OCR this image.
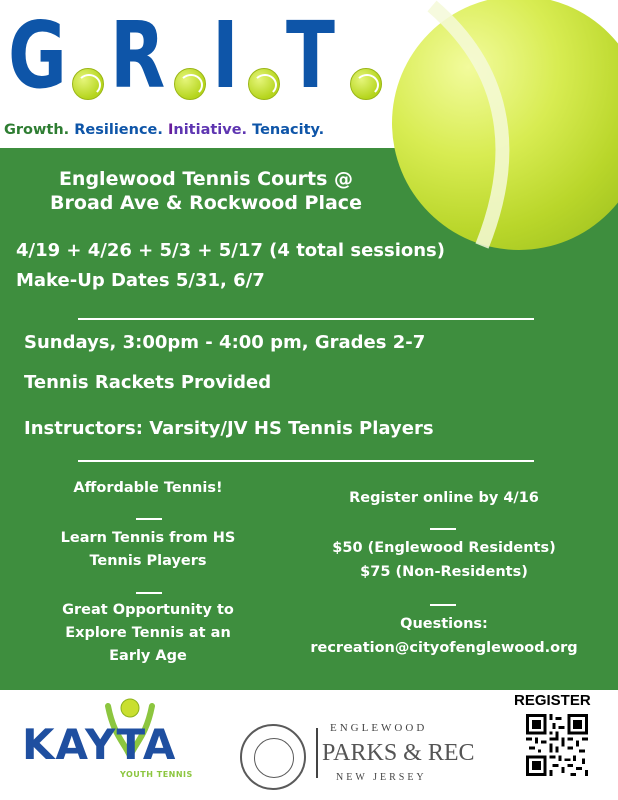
G R I T
Growth. Resilience. Initiative. Tenacity.
Englewood Tennis Courts @
Broad Ave & Rockwood Place
4/19 + 4/26 + 5/3 + 5/17 (4 total sessions)
Make-Up Dates 5/31, 6/7
Sundays, 3:00pm - 4:00 pm, Grades 2-7
Tennis Rackets Provided
Instructors: Varsity/JV HS Tennis Players
Affordable Tennis!
Learn Tennis from HS
Tennis Players
Great Opportunity to
Explore Tennis at an
Early Age
Register online by 4/16
$50 (Englewood Residents)
$75 (Non-Residents)
Questions:
recreation@cityofenglewood.org
KAYTA
YOUTH TENNIS
ENGLEWOOD
PARKS & REC
NEW JERSEY
REGISTER
